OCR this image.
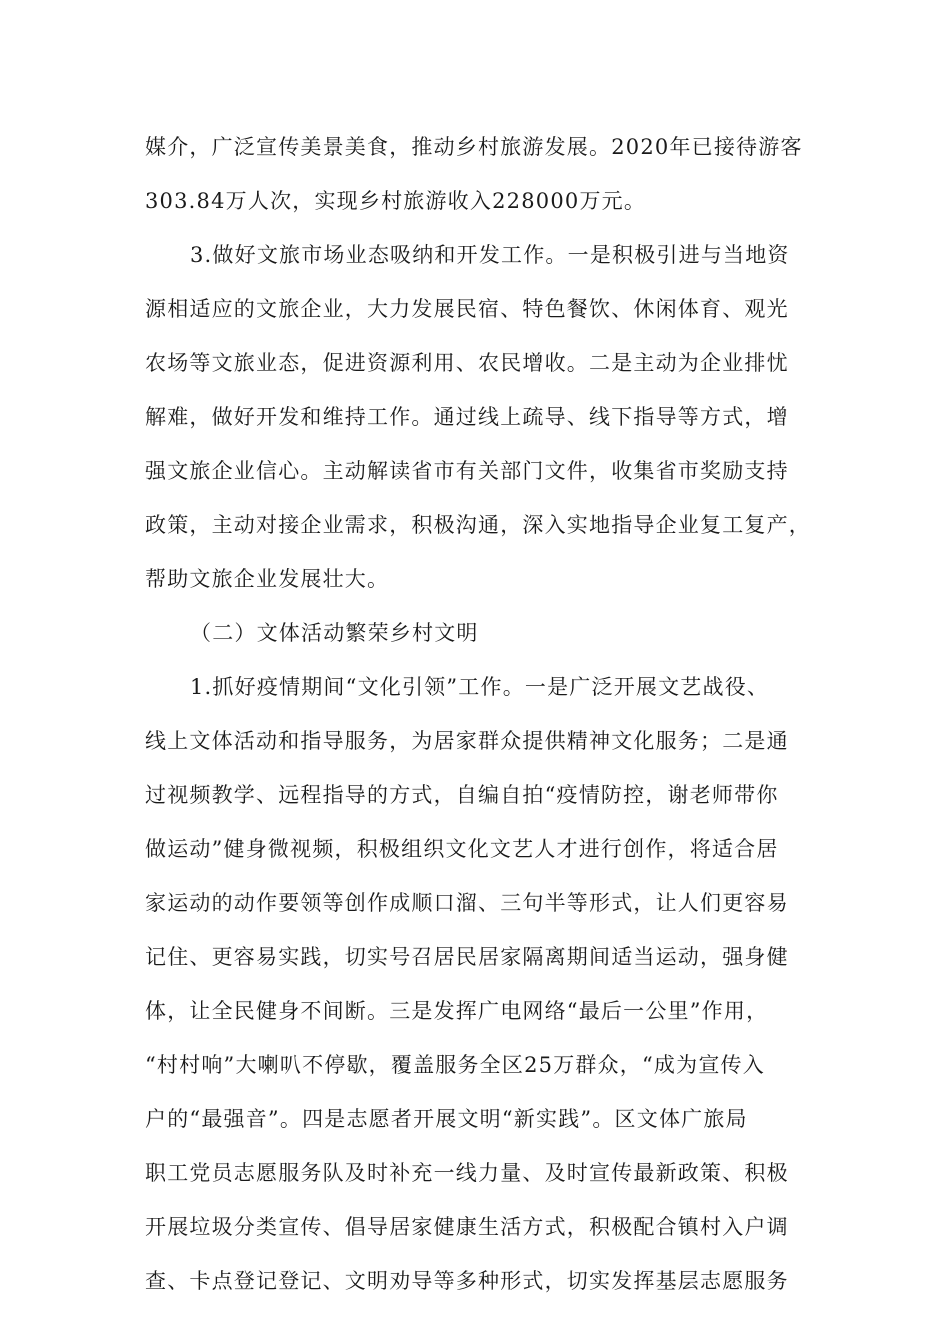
媒介，广泛宣传美景美食，推动乡村旅游发展。2020年已接待游客
303.84万人次，实现乡村旅游收入228000万元。
3.做好文旅市场业态吸纳和开发工作。一是积极引进与当地资
源相适应的文旅企业，大力发展民宿、特色餐饮、休闲体育、观光
农场等文旅业态，促进资源利用、农民增收。二是主动为企业排忧
解难，做好开发和维持工作。通过线上疏导、线下指导等方式，增
强文旅企业信心。主动解读省市有关部门文件，收集省市奖励支持
政策，主动对接企业需求，积极沟通，深入实地指导企业复工复产，
帮助文旅企业发展壮大。
（二）文体活动繁荣乡村文明
1.抓好疫情期间“文化引领”工作。一是广泛开展文艺战役、
线上文体活动和指导服务，为居家群众提供精神文化服务；二是通
过视频教学、远程指导的方式，自编自拍“疫情防控，谢老师带你
做运动”健身微视频，积极组织文化文艺人才进行创作，将适合居
家运动的动作要领等创作成顺口溜、三句半等形式，让人们更容易
记住、更容易实践，切实号召居民居家隔离期间适当运动，强身健
体，让全民健身不间断。三是发挥广电网络“最后一公里”作用，
“村村响”大喇叭不停歇，覆盖服务全区25万群众，“成为宣传入
户的“最强音”。四是志愿者开展文明“新实践”。区文体广旅局
职工党员志愿服务队及时补充一线力量、及时宣传最新政策、积极
开展垃圾分类宣传、倡导居家健康生活方式，积极配合镇村入户调
查、卡点登记登记、文明劝导等多种形式，切实发挥基层志愿服务
